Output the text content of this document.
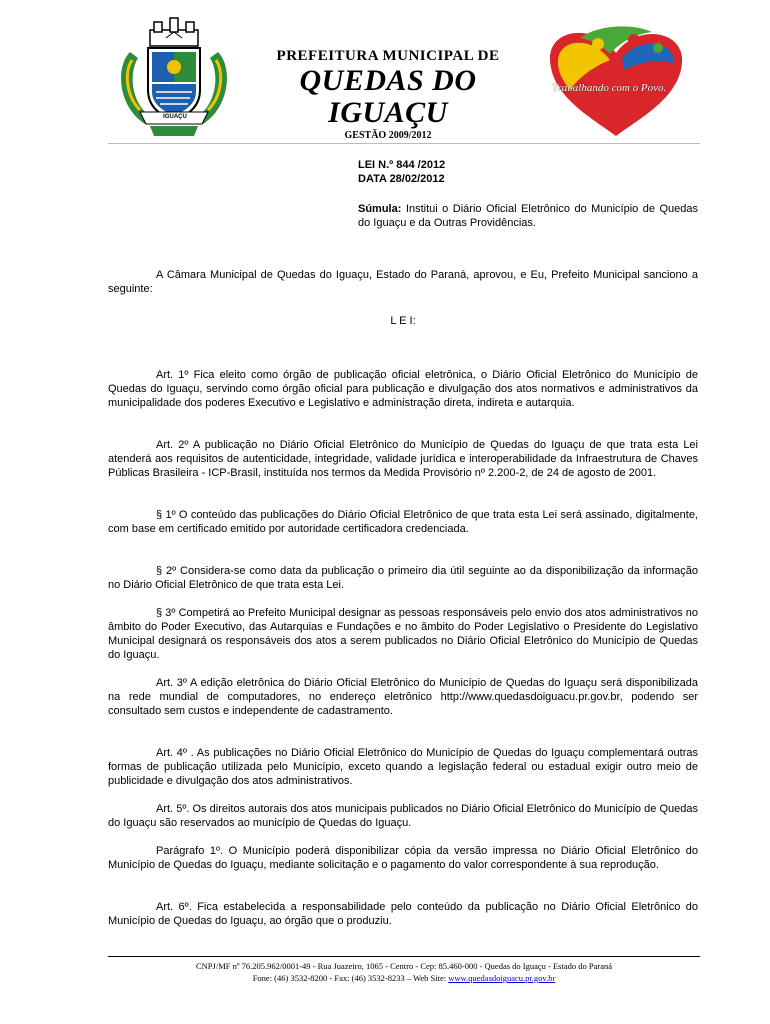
IGUAÇU
PREFEITURA MUNICIPAL DE
QUEDAS DO IGUAÇU
GESTÃO 2009/2012
Trabalhando com o Povo.
LEI N.º 844 /2012
DATA 28/02/2012
Súmula: Institui o Diário Oficial Eletrônico do Município de Quedas do Iguaçu e da Outras Providências.
A Câmara Municipal de Quedas do Iguaçu, Estado do Paraná, aprovou, e Eu, Prefeito Municipal sanciono a seguinte:
L E I:
Art. 1º Fica eleito como órgão de publicação oficial eletrônica, o Diário Oficial Eletrônico do Município de Quedas do Iguaçu, servindo como órgão oficial para publicação e divulgação dos atos normativos e administrativos da municipalidade dos poderes Executivo e Legislativo e administração direta, indireta e autarquia.
Art. 2º A publicação no Diário Oficial Eletrônico do Município de Quedas do Iguaçu de que trata esta Lei atenderá aos requisitos de autenticidade, integridade, validade jurídica e interoperabilidade da Infraestrutura de Chaves Públicas Brasileira - ICP-Brasil, instituída nos termos da Medida Provisório nº 2.200-2, de 24 de agosto de 2001.
§ 1º O conteúdo das publicações do Diário Oficial Eletrônico de que trata esta Lei será assinado, digitalmente, com base em certificado emitido por autoridade certificadora credenciada.
§ 2º Considera-se como data da publicação o primeiro dia útil seguinte ao da disponibilização da informação no Diário Oficial Eletrônico de que trata esta Lei.
§ 3º Competirá ao Prefeito Municipal designar as pessoas responsáveis pelo envio dos atos administrativos no âmbito do Poder Executivo, das Autarquias e Fundações e no âmbito do Poder Legislativo o Presidente do Legislativo Municipal designará os responsáveis dos atos a serem publicados no Diário Oficial Eletrônico do Município de Quedas do Iguaçu.
Art. 3º A edição eletrônica do Diário Oficial Eletrônico do Município de Quedas do Iguaçu será disponibilizada na rede mundial de computadores, no endereço eletrônico http://www.quedasdoiguacu.pr.gov.br, podendo ser consultado sem custos e independente de cadastramento.
Art. 4º . As publicações no Diário Oficial Eletrônico do Município de Quedas do Iguaçu complementará outras formas de publicação utilizada pelo Município, exceto quando a legislação federal ou estadual exigir outro meio de publicidade e divulgação dos atos administrativos.
Art. 5º. Os direitos autorais dos atos municipais publicados no Diário Oficial Eletrônico do Município de Quedas do Iguaçu são reservados ao município de Quedas do Iguaçu.
Parágrafo 1º. O Município poderá disponibilizar cópia da versão impressa no Diário Oficial Eletrônico do Município de Quedas do Iguaçu, mediante solicitação e o pagamento do valor correspondente à sua reprodução.
Art. 6º. Fica estabelecida a responsabilidade pelo conteúdo da publicação no Diário Oficial Eletrônico do Município de Quedas do Iguaçu, ao órgão que o produziu.
CNPJ/MF nº 76.205.962/0001-49 - Rua Juazeiro, 1065 - Centro - Cep: 85.460-000 - Quedas do Iguaçu - Estado do Paraná
Fone: (46) 3532-8200 - Fax: (46) 3532-8233 – Web Site: www.quedasdoiguacu.pr.gov.br
